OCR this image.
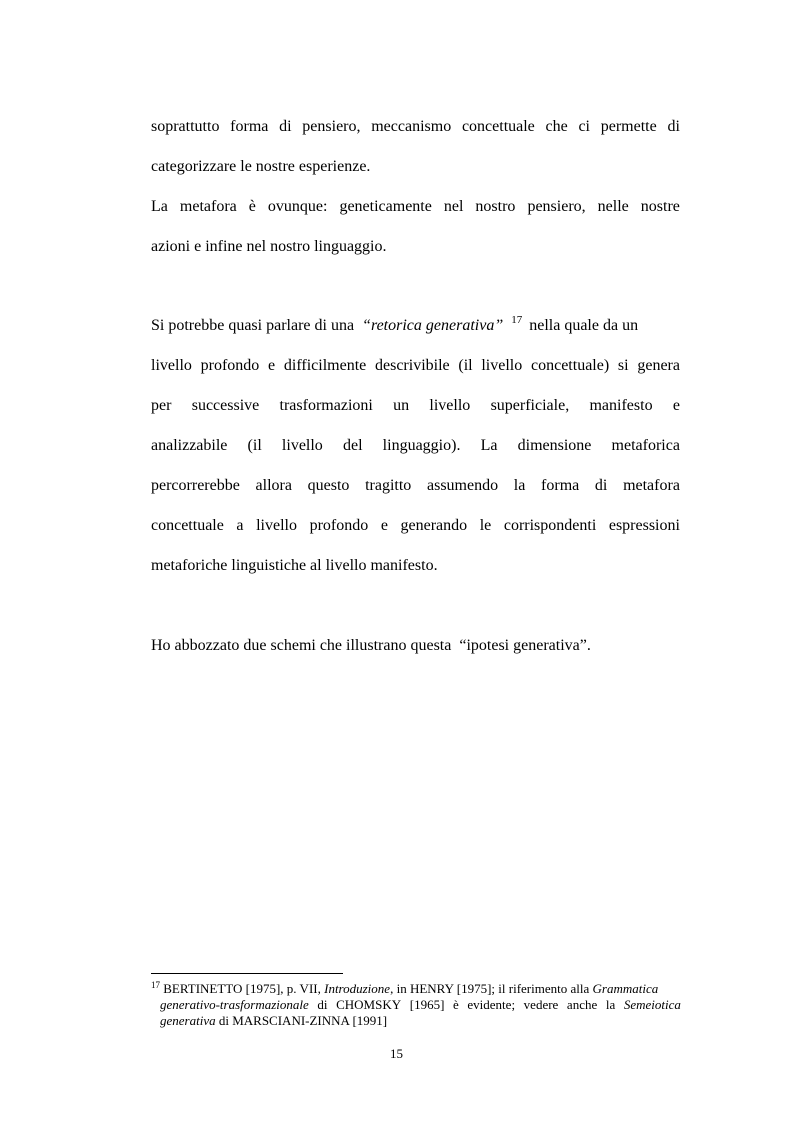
soprattutto forma di pensiero, meccanismo concettuale che ci permette di
categorizzare le nostre esperienze.
La metafora è ovunque: geneticamente nel nostro pensiero, nelle nostre
azioni e infine nel nostro linguaggio.
Si potrebbe quasi parlare di una “retorica generativa” $^{17}$ nella quale da un
livello profondo e difficilmente descrivibile (il livello concettuale) si genera
per successive trasformazioni un livello superficiale, manifesto e
analizzabile (il livello del linguaggio). La dimensione metaforica
percorrerebbe allora questo tragitto assumendo la forma di metafora
concettuale a livello profondo e generando le corrispondenti espressioni
metaforiche linguistiche al livello manifesto.
Ho abbozzato due schemi che illustrano questa  “ipotesi generativa”.
$^{17}$ BERTINETTO [1975], p. VII, Introduzione, in HENRY [1975]; il riferimento alla Grammatica
generativo-trasformazionale di CHOMSKY [1965] è evidente; vedere anche la Semeiotica
generativa di MARSCIANI-ZINNA [1991]
15
